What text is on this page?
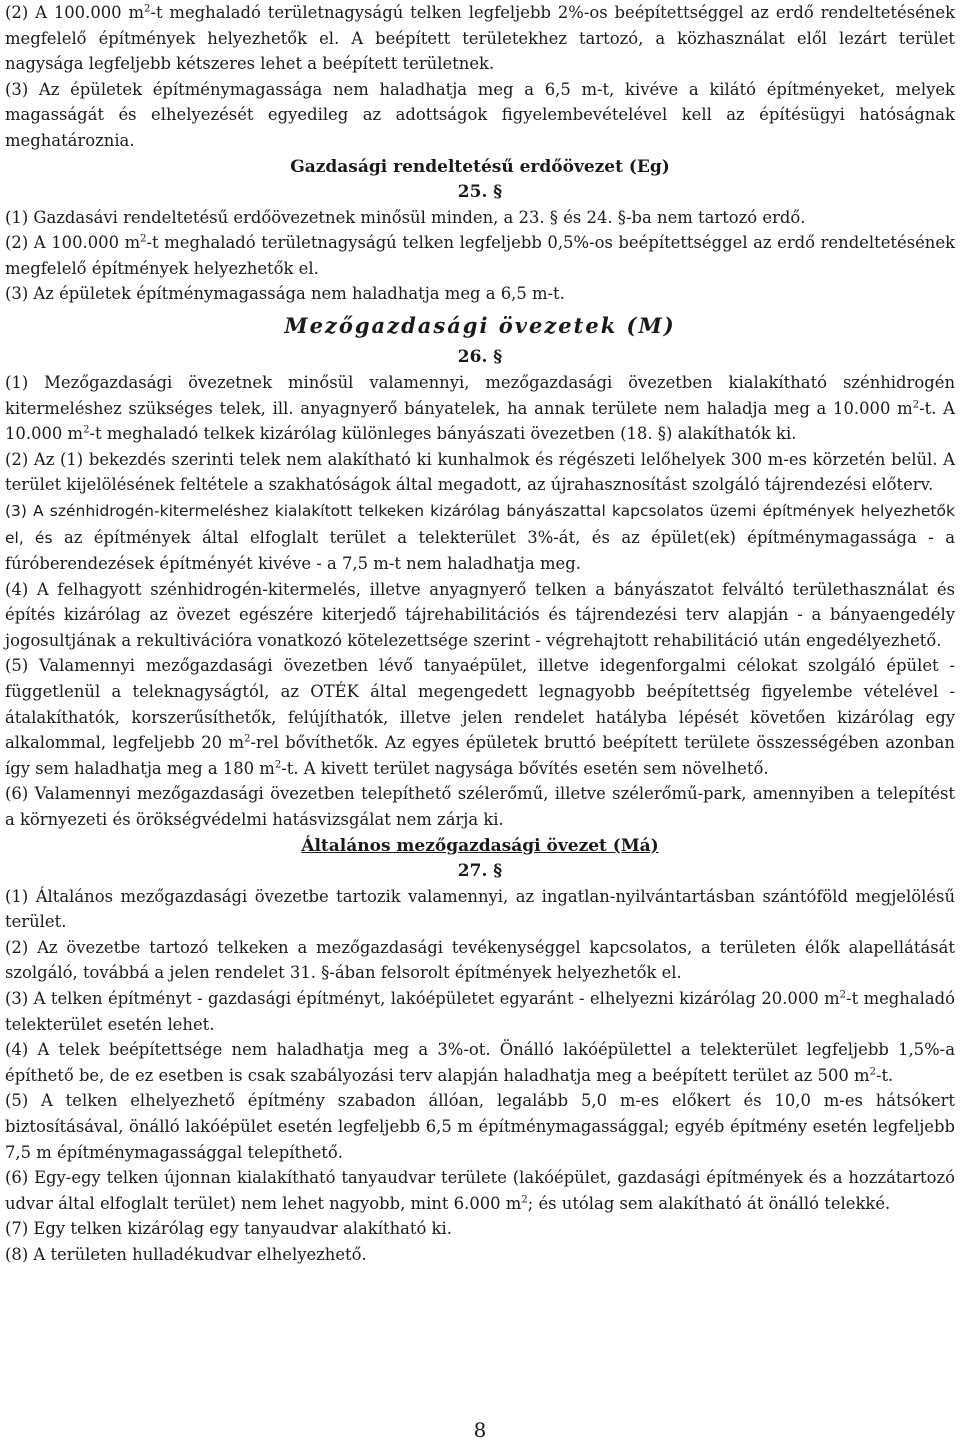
(2) A 100.000 $m^2-t$ meghaladó területnagyságú telken legfeljebb 2%-os beépítettséggel az erdő rendeltetésének megfelelő építmények helyezhetők el. A beépített területekhez tartozó, a közhasználat elől lezárt terület nagysága legfeljebb kétszeres lehet a beépített területnek.

(3) Az épületek építménymagassága nem haladhatja meg a 6,5 m-t, kivéve a kilátó építményeket, melyek magasságát és elhelyezését egyedileg az adottságok figyelembevételével kell az építésügyi hatóságnak meghatároznia.

Gazdasági rendeltetésű erdőövezet (Eg)

25. §

(1) Gazdasávi rendeltetésű erdőövezetnek minősül minden, a 23. § és 24. §-ba nem tartozó erdő.

(2) A 100.000 $m^2-t$ meghaladó területnagyságú telken legfeljebb 0,5%-os beépítettséggel az erdő rendeltetésének megfelelő építmények helyezhetők el.

(3) Az épületek építménymagassága nem haladhatja meg a 6,5 m-t.

Mezőgazdasági övezetek (M)

26. §

(1) Mezőgazdasági övezetnek minősül valamennyi, mezőgazdasági övezetben kialakítható szénhidrogén kitermeléshez szükséges telek, ill. anyagnyerő bányatelek, ha annak területe nem haladja meg a 10.000 $m^2-t$. A 10.000 $m^2-t$ meghaladó telkek kizárólag különleges bányászati övezetben (18. §) alakíthatók ki.

(2) Az (1) bekezdés szerinti telek nem alakítható ki kunhalmok és régészeti lelőhelyek 300 m-es körzetén belül. A terület kijelölésének feltétele a szakhatóságok által megadott, az újrahasznosítást szolgáló tájrendezési előterv.

(3) A szénhidrogén-kitermeléshez kialakított telkeken kizárólag bányászattal kapcsolatos üzemi építmények helyezhetők el, és az építmények által elfoglalt terület a telekterület 3%-át, és az épület(ek) építménymagassága - a fúróberendezések építményét kivéve - a 7,5 m-t nem haladhatja meg.

(4) A felhagyott szénhidrogén-kitermelés, illetve anyagnyerő telken a bányászatot felváltó területhasználat és építés kizárólag az övezet egészére kiterjedő tájrehabilitációs és tájrendezési terv alapján - a bányaengedély jogosultjának a rekultivációra vonatkozó kötelezettsége szerint - végrehajtott rehabilitáció után engedélyezhető.

(5) Valamennyi mezőgazdasági övezetben lévő tanyaépület, illetve idegenforgalmi célokat szolgáló épület - függetlenül a teleknagyságtól, az OTÉK által megengedett legnagyobb beépítettség figyelembe vételével - átalakíthatók, korszerűsíthetők, felújíthatók, illetve jelen rendelet hatálybа lépését követően kizárólag egy alkalommal, legfeljebb 20 $m^2$-rel bővíthetők. Az egyes épületek bruttó beépített területe összességében azonban így sem haladhatja meg a 180 $m^2-t$. A kivett terület nagysága bővítés esetén sem növelhető.

(6) Valamennyi mezőgazdasági övezetben telepíthető szélerőmű, illetve szélerőmű-park, amennyiben a telepítést a környezeti és örökségvédelmi hatásvizsgálat nem zárja ki.

Általános mezőgazdasági övezet (Má)

27. §

(1) Általános mezőgazdasági övezetbe tartozik valamennyi, az ingatlan-nyilvántartásban szántóföld megjelölésű terület.

(2) Az övezetbe tartozó telkeken a mezőgazdasági tevékenységgel kapcsolatos, a területen élők alapellátását szolgáló, továbbá a jelen rendelet 31. §-ában felsorolt építmények helyezhetők el.

(3) A telken építményt - gazdasági építményt, lakóépületet egyaránt - elhelyezni kizárólag 20.000 $m^2-t$ meghaladó telekterület esetén lehet.

(4) A telek beépítettsége nem haladhatja meg a 3%-ot. Önálló lakóépülettel a telekterület legfeljebb 1,5%-a építhető be, de ez esetben is csak szabályozási terv alapján haladhatja meg a beépített terület az 500 $m^2-t$.

(5) A telken elhelyezhető építmény szabadon állóan, legalább 5,0 m-es előkert és 10,0 m-es hátsókert biztosításával, önálló lakóépület esetén legfeljebb 6,5 m építménymagassággal; egyéb építmény esetén legfeljebb 7,5 m építménymagassággal telepíthető.

(6) Egy-egy telken újonnan kialakítható tanyaudvar területe (lakóépület, gazdasági építmények és a hozzátartozó udvar által elfoglalt terület) nem lehet nagyobb, mint 6.000 $m^2$; és utólag sem alakítható át önálló telekké.

(7) Egy telken kizárólag egy tanyaudvar alakítható ki.

(8) A területen hulladékudvar elhelyezhető.

8
